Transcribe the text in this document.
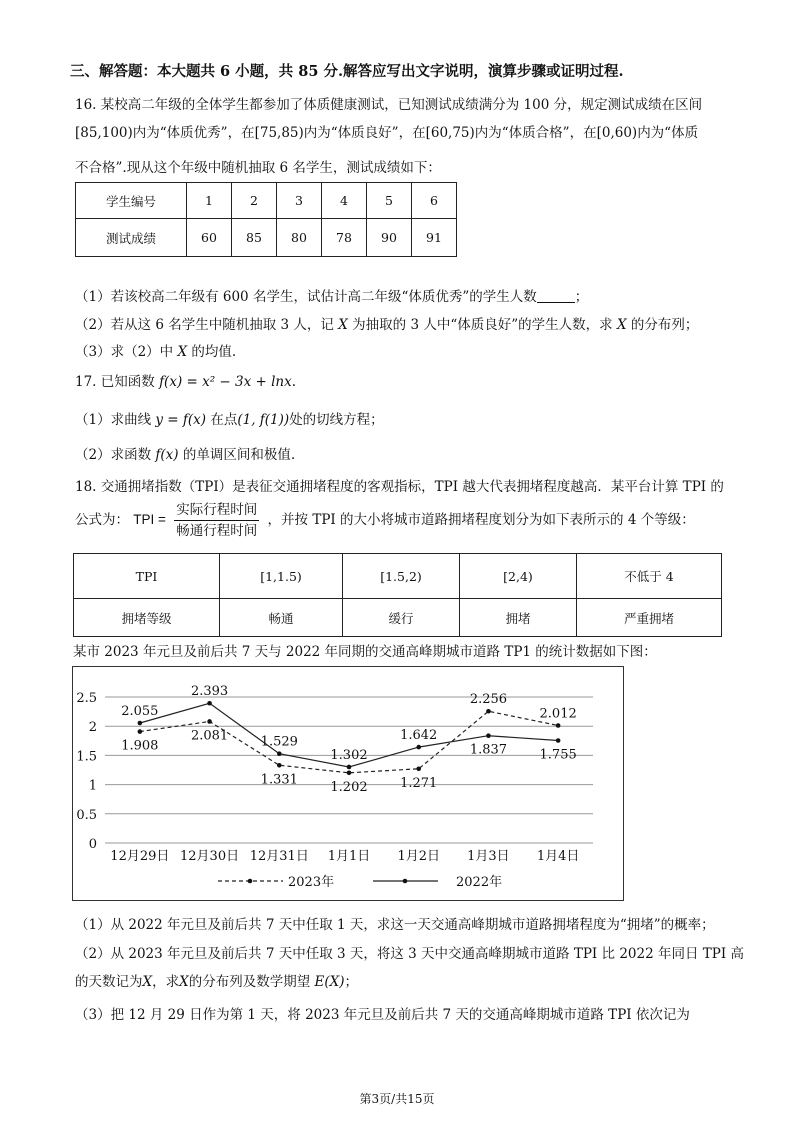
三、解答题：本大题共 6 小题，共 85 分.解答应写出文字说明，演算步骤或证明过程.
16. 某校高二年级的全体学生都参加了体质健康测试，已知测试成绩满分为 100 分，规定测试成绩在区间
[85,100)内为“体质优秀”，在[75,85)内为“体质良好”，在[60,75)内为“体质合格”，在[0,60)内为“体质
不合格”.现从这个年级中随机抽取 6 名学生，测试成绩如下：
学生编号	1	2	3	4	5	6
测试成绩	60	85	80	78	90	91
（1）若该校高二年级有 600 名学生，试估计高二年级“体质优秀”的学生人数	；
（2）若从这 6 名学生中随机抽取 3 人，记 X 为抽取的 3 人中“体质良好”的学生人数，求 X 的分布列；
（3）求（2）中 X 的均值.
17. 已知函数 f(x) = x² − 3x + lnx.
（1）求曲线 y = f(x) 在点(1, f(1))处的切线方程；
（2）求函数 f(x) 的单调区间和极值.
18. 交通拥堵指数（TPI）是表征交通拥堵程度的客观指标，TPI 越大代表拥堵程度越高．某平台计算 TPI 的
公式为： TPI = $\frac{\text{实际行程时间}}{\text{畅通行程时间}}$ ，并按 TPI 的大小将城市道路拥堵程度划分为如下表所示的 4 个等级：
TPI	[1,1.5)	[1.5,2)	[2,4)	不低于 4
拥堵等级	畅通	缓行	拥堵	严重拥堵
某市 2023 年元旦及前后共 7 天与 2022 年同期的交通高峰期城市道路 TP1 的统计数据如下图：
0
0.5
1
1.5
2
2.5
12月29日 12月30日 12月31日 1月1日 1月2日 1月3日 1月4日
2.055
1.908
2.393
2.081 1.529
1.331
1.302
1.202
1.642
1.271
2.256
1.837
2.012
1.755
2023年	2022年
（1）从 2022 年元旦及前后共 7 天中任取 1 天，求这一天交通高峰期城市道路拥堵程度为“拥堵”的概率；
（2）从 2023 年元旦及前后共 7 天中任取 3 天，将这 3 天中交通高峰期城市道路 TPI 比 2022 年同日 TPI 高
的天数记为X，求X的分布列及数学期望 E(X)；
（3）把 12 月 29 日作为第 1 天，将 2023 年元旦及前后共 7 天的交通高峰期城市道路 TPI 依次记为
第3页/共15页
